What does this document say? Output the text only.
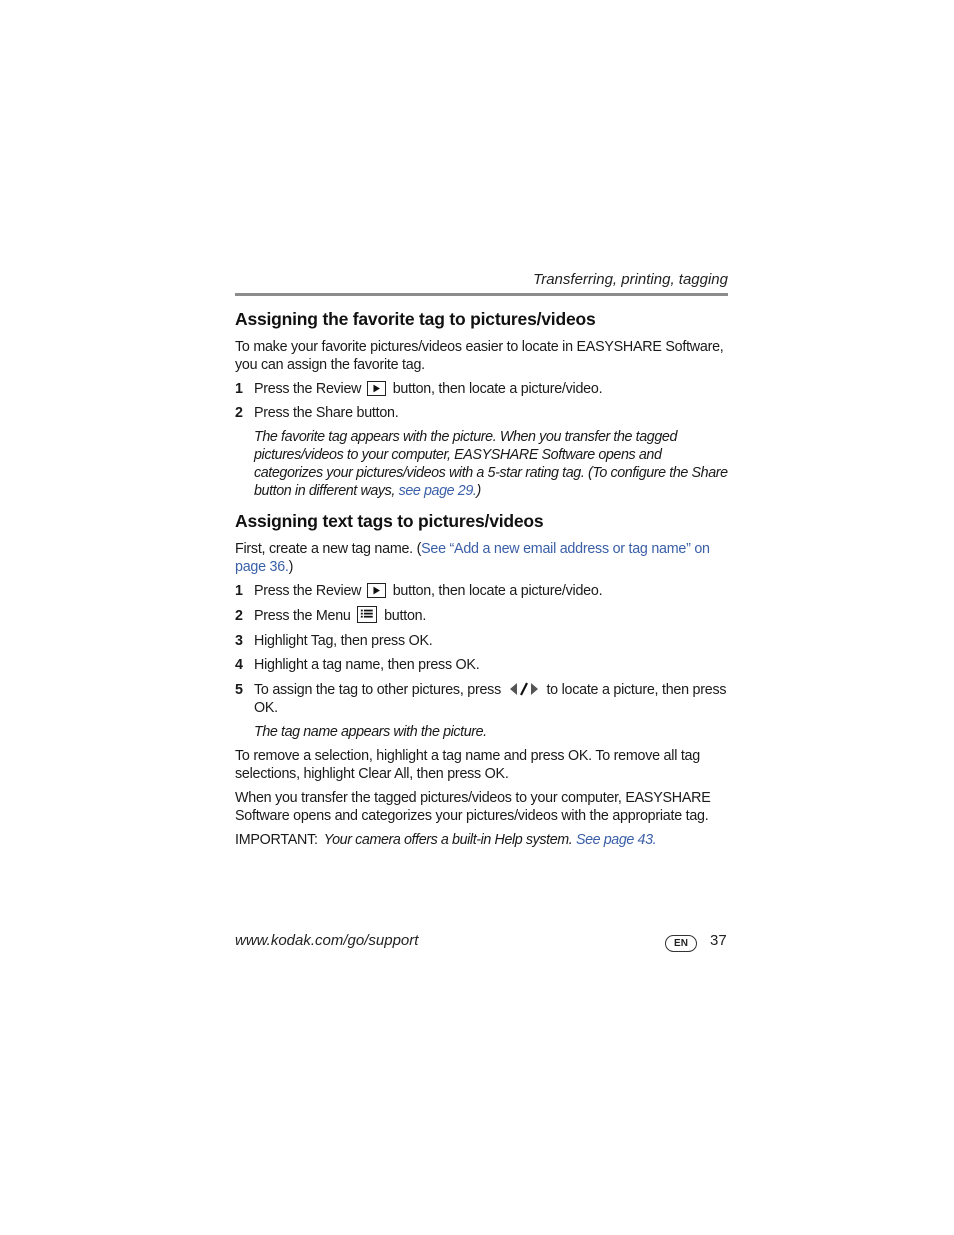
Transferring, printing, tagging
Assigning the favorite tag to pictures/videos

To make your favorite pictures/videos easier to locate in EASYSHARE Software, you can assign the favorite tag.

1 Press the Review button, then locate a picture/video.
2 Press the Share button.

The favorite tag appears with the picture. When you transfer the tagged pictures/videos to your computer, EASYSHARE Software opens and categorizes your pictures/videos with a 5-star rating tag. (To configure the Share button in different ways, see page 29.)

Assigning text tags to pictures/videos

First, create a new tag name. (See “Add a new email address or tag name” on page 36.)

1 Press the Review button, then locate a picture/video.
2 Press the Menu button.
3 Highlight Tag, then press OK.
4 Highlight a tag name, then press OK.
5 To assign the tag to other pictures, press	to locate a picture, then press OK.

The tag name appears with the picture.

To remove a selection, highlight a tag name and press OK. To remove all tag selections, highlight Clear All, then press OK.

When you transfer the tagged pictures/videos to your computer, EASYSHARE Software opens and categorizes your pictures/videos with the appropriate tag.

IMPORTANT: Your camera offers a built-in Help system. See page 43.

www.kodak.com/go/support	EN	37
